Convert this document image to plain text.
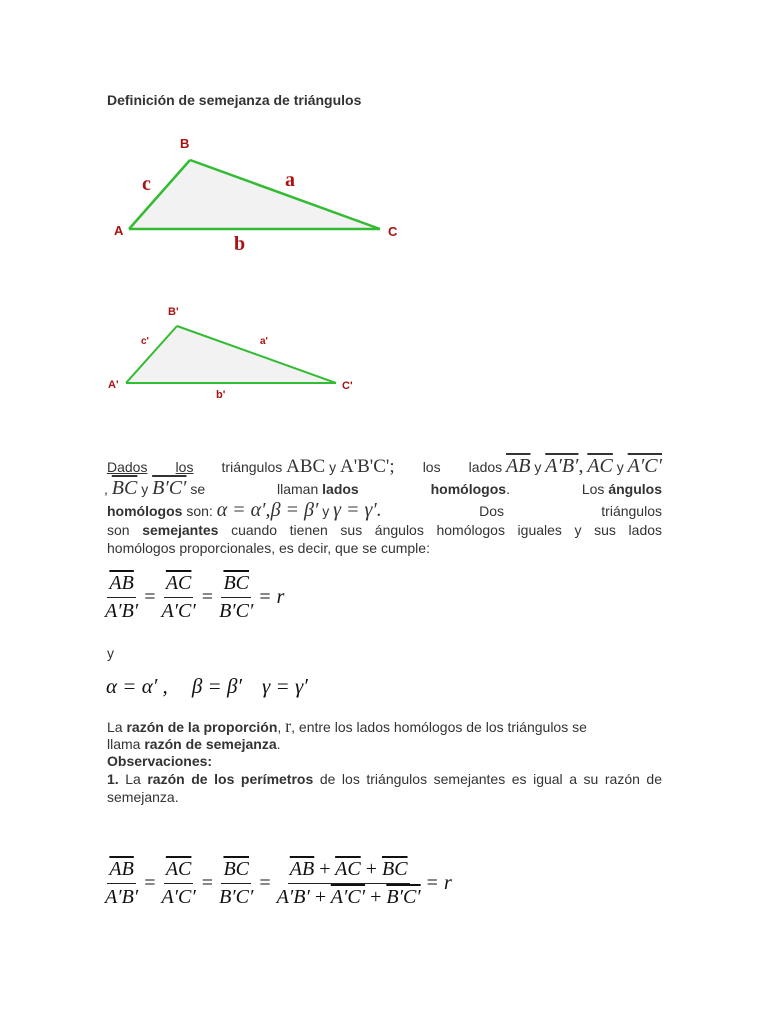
Definición de semejanza de triángulos
B
A	C
c	a
b
B'
A'	C'
c'	a'
b'
Dados los triángulos ABC y A'B'C'; los lados $\overline{AB}$ y A′B′, $\overline{AC}$ y A′C′
, $\overline{BC}$ y B′C′ se	llaman lados	homólogos.	Los ángulos
homólogos son: α = α′,β = β′ y γ = γ′.	Dos	triángulos
son semejantes cuando tienen sus ángulos homólogos iguales y sus lados
homólogos proporcionales, es decir, que se cumple:
$\frac{\overline{AB}}{A'B'} = \frac{\overline{AC}}{A'C'} = \frac{\overline{BC}}{B'C'} = r$
y
α = α′ , β = β′ γ = γ′
La razón de la proporción, r, entre los lados homólogos de los triángulos se
llama razón de semejanza.
Observaciones:
1. La razón de los perímetros de los triángulos semejantes es igual a su razón de
semejanza.
$\frac{\overline{AB}}{A'B'} = \frac{\overline{AC}}{A'C'} = \frac{\overline{BC}}{B'C'} = \frac{\overline{AB} + \overline{AC} + \overline{BC}}{A'B' + A'C' + B'C'} = r$
